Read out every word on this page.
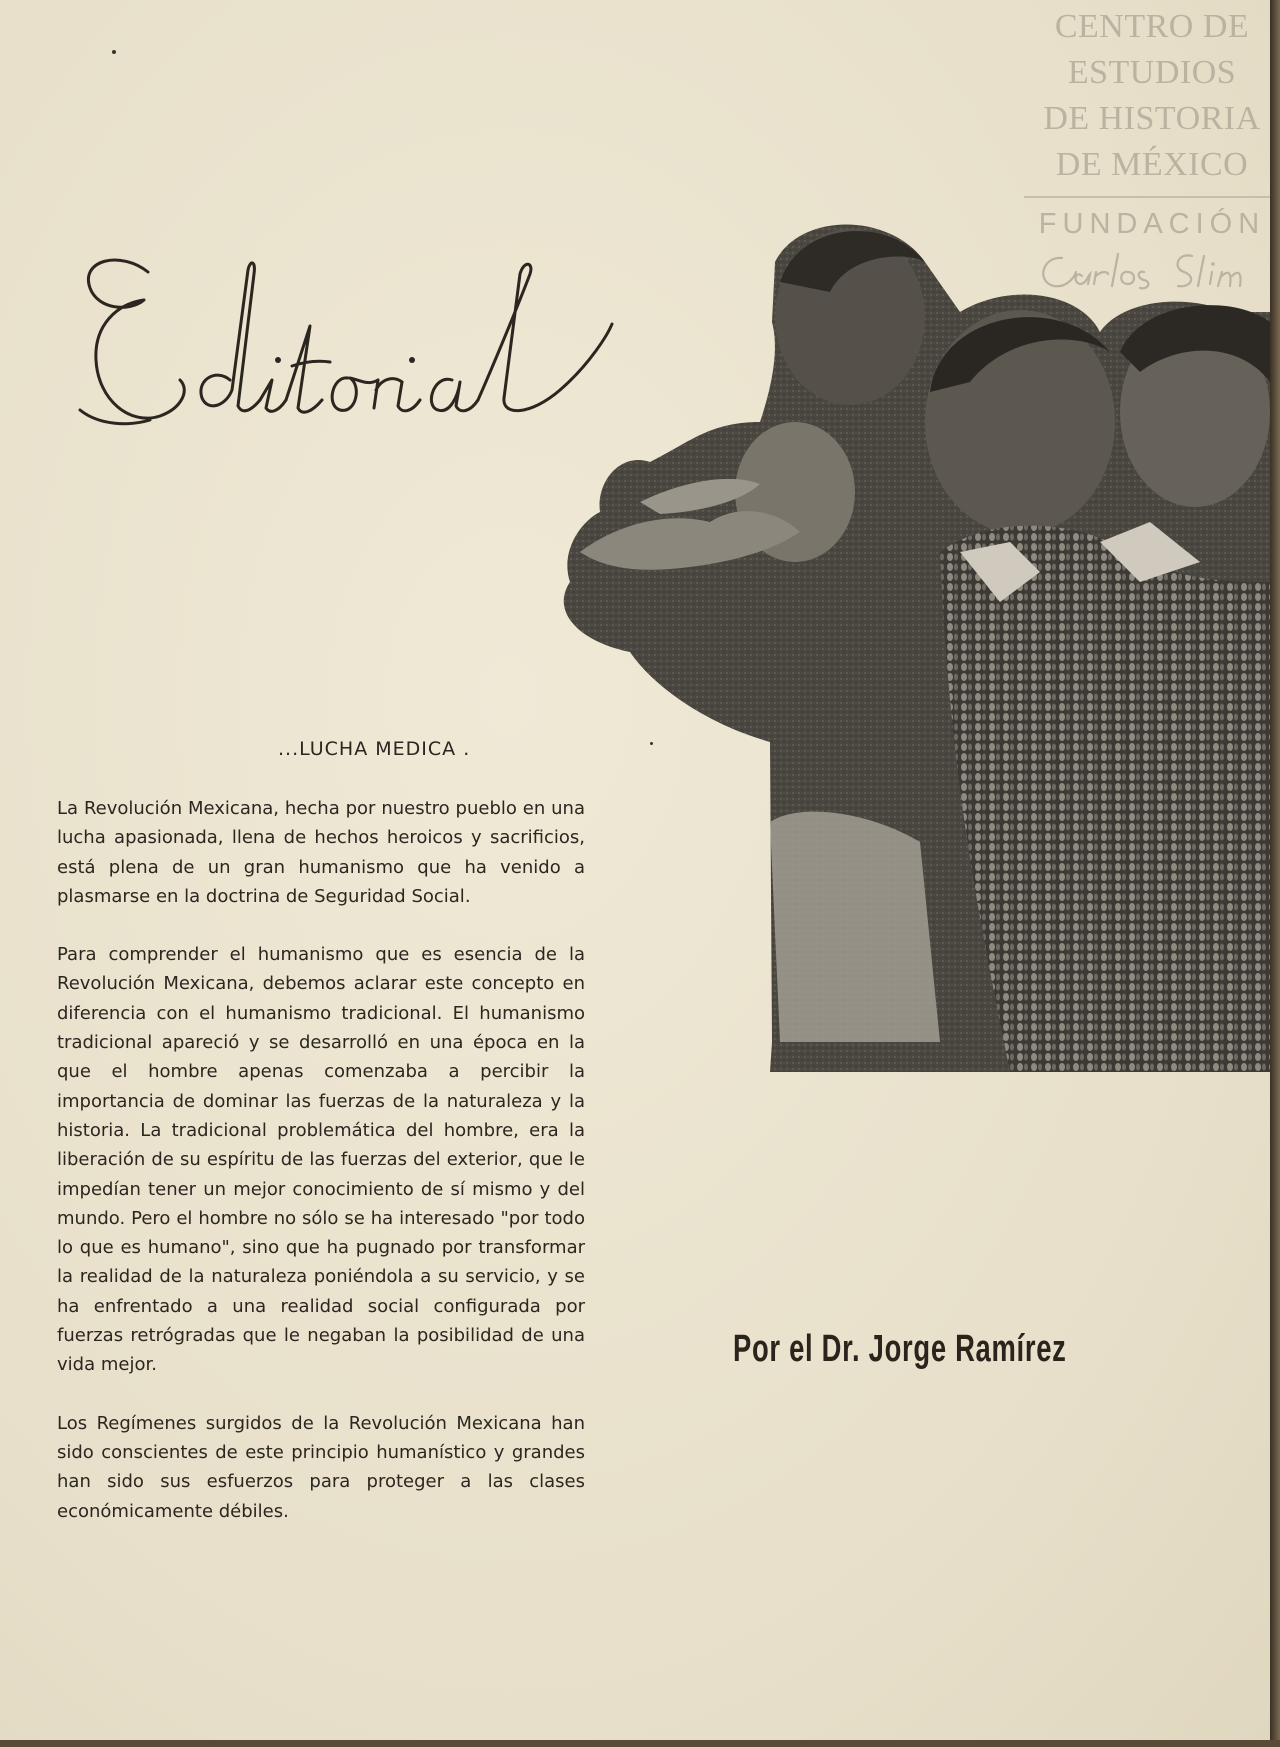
CENTRO DE
ESTUDIOS
DE HISTORIA
DE MÉXICO
FUNDACIÓN
...LUCHA MEDICA .

La Revolución Mexicana, hecha por nuestro pueblo en una lucha apasionada, llena de hechos heroicos y sacrificios, está plena de un gran humanismo que ha venido a plasmarse en la doctrina de Seguridad Social.

Para comprender el humanismo que es esencia de la Revolución Mexicana, debemos aclarar este concepto en diferencia con el humanismo tradicional. El humanismo tradicional apareció y se desarrolló en una época en la que el hombre apenas comenzaba a percibir la importancia de dominar las fuerzas de la naturaleza y la historia. La tradicional problemática del hombre, era la liberación de su espíritu de las fuerzas del exterior, que le impedían tener un mejor conocimiento de sí mismo y del mundo. Pero el hombre no sólo se ha interesado "por todo lo que es humano", sino que ha pugnado por transformar la realidad de la naturaleza poniéndola a su servicio, y se ha enfrentado a una realidad social configurada por fuerzas retrógradas que le negaban la posibilidad de una vida mejor.

Los Regímenes surgidos de la Revolución Mexicana han sido conscientes de este principio humanístico y grandes han sido sus esfuerzos para proteger a las clases económicamente débiles.

Por el Dr. Jorge Ramírez
